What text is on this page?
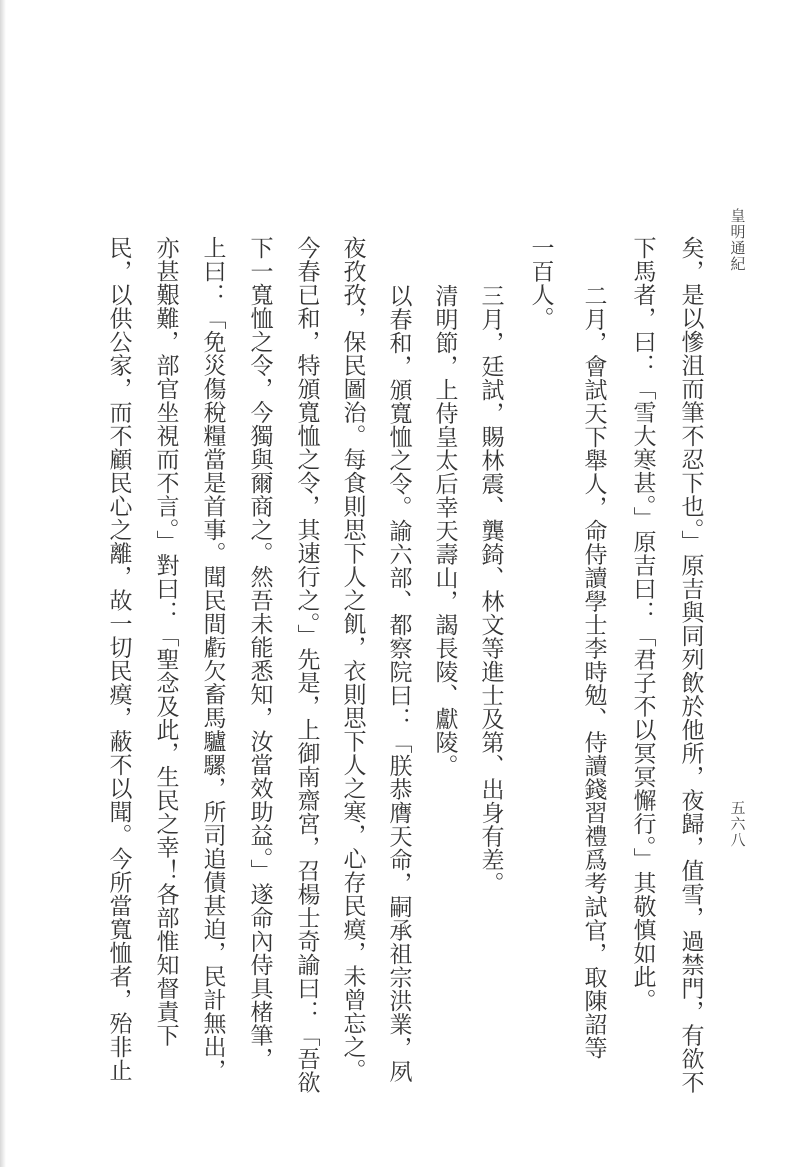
皇明通紀
五六八
矣，是以慘沮而筆不忍下也。」原吉與同列飲於他所，夜歸，值雪，過禁門，有欲不
下馬者，曰：「雪大寒甚。」原吉曰：「君子不以冥冥懈行。」其敬慎如此。
二月，會試天下舉人，命侍讀學士李時勉、侍讀錢習禮爲考試官，取陳詔等
一百人。
三月，廷試，賜林震、龔錡、林文等進士及第、出身有差。
清明節，上侍皇太后幸天壽山，謁長陵、獻陵。
以春和，頒寬恤之令。諭六部、都察院曰：「朕恭膺天命，嗣承祖宗洪業，夙
夜孜孜，保民圖治。每食則思下人之飢，衣則思下人之寒，心存民瘼，未曾忘之。
今春已和，特頒寬恤之令，其速行之。」先是，上御南齋宮，召楊士奇諭曰：「吾欲
下一寬恤之令，今獨與爾商之。然吾未能悉知，汝當效助益。」遂命內侍具楮筆，
上曰：「免災傷稅糧當是首事。聞民間虧欠畜馬驢騾，所司追債甚迫，民計無出，
亦甚艱難，部官坐視而不言。」對曰：「聖念及此，生民之幸！各部惟知督責下
民，以供公家，而不顧民心之離，故一切民瘼，蔽不以聞。今所當寬恤者，殆非止
